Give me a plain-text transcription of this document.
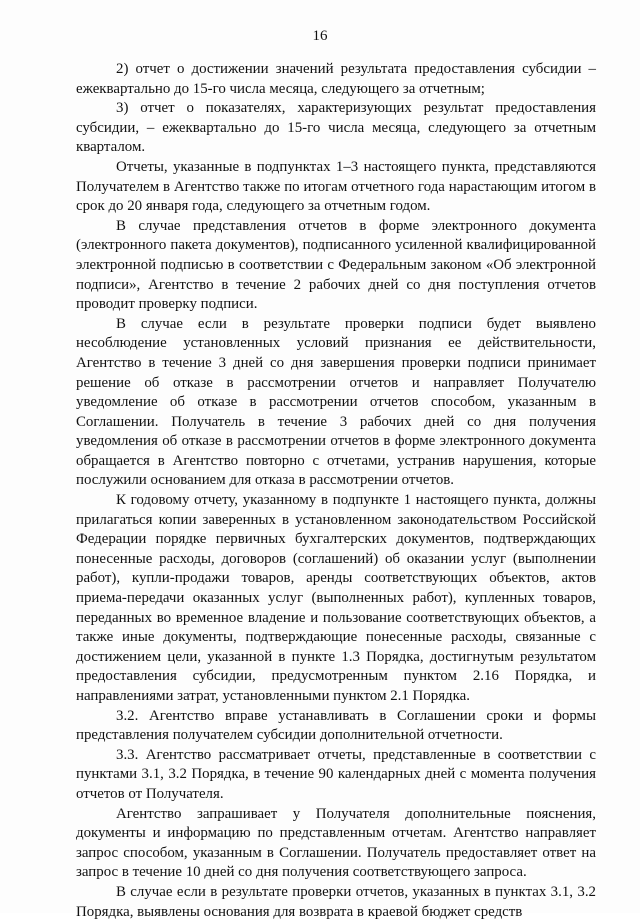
16

2) отчет о достижении значений результата предоставления субсидии – ежеквартально до 15-го числа месяца, следующего за отчетным;

3) отчет о показателях, характеризующих результат предоставления субсидии, – ежеквартально до 15-го числа месяца, следующего за отчетным кварталом.

Отчеты, указанные в подпунктах 1–3 настоящего пункта, представляются Получателем в Агентство также по итогам отчетного года нарастающим итогом в срок до 20 января года, следующего за отчетным годом.

В случае представления отчетов в форме электронного документа (электронного пакета документов), подписанного усиленной квалифицированной электронной подписью в соответствии с Федеральным законом «Об электронной подписи», Агентство в течение 2 рабочих дней со дня поступления отчетов проводит проверку подписи.

В случае если в результате проверки подписи будет выявлено несоблюдение установленных условий признания ее действительности, Агентство в течение 3 дней со дня завершения проверки подписи принимает решение об отказе в рассмотрении отчетов и направляет Получателю уведомление об отказе в рассмотрении отчетов способом, указанным в Соглашении. Получатель в течение 3 рабочих дней со дня получения уведомления об отказе в рассмотрении отчетов в форме электронного документа обращается в Агентство повторно с отчетами, устранив нарушения, которые послужили основанием для отказа в рассмотрении отчетов.

К годовому отчету, указанному в подпункте 1 настоящего пункта, должны прилагаться копии заверенных в установленном законодательством Российской Федерации порядке первичных бухгалтерских документов, подтверждающих понесенные расходы, договоров (соглашений) об оказании услуг (выполнении работ), купли-продажи товаров, аренды соответствующих объектов, актов приема-передачи оказанных услуг (выполненных работ), купленных товаров, переданных во временное владение и пользование соответствующих объектов, а также иные документы, подтверждающие понесенные расходы, связанные с достижением цели, указанной в пункте 1.3 Порядка, достигнутым результатом предоставления субсидии, предусмотренным пунктом 2.16 Порядка, и направлениями затрат, установленными пунктом 2.1 Порядка.

3.2. Агентство вправе устанавливать в Соглашении сроки и формы представления получателем субсидии дополнительной отчетности.

3.3. Агентство рассматривает отчеты, представленные в соответствии с пунктами 3.1, 3.2 Порядка, в течение 90 календарных дней с момента получения отчетов от Получателя.

Агентство запрашивает у Получателя дополнительные пояснения, документы и информацию по представленным отчетам. Агентство направляет запрос способом, указанным в Соглашении. Получатель предоставляет ответ на запрос в течение 10 дней со дня получения соответствующего запроса.

В случае если в результате проверки отчетов, указанных в пунктах 3.1, 3.2 Порядка, выявлены основания для возврата в краевой бюджет средств
